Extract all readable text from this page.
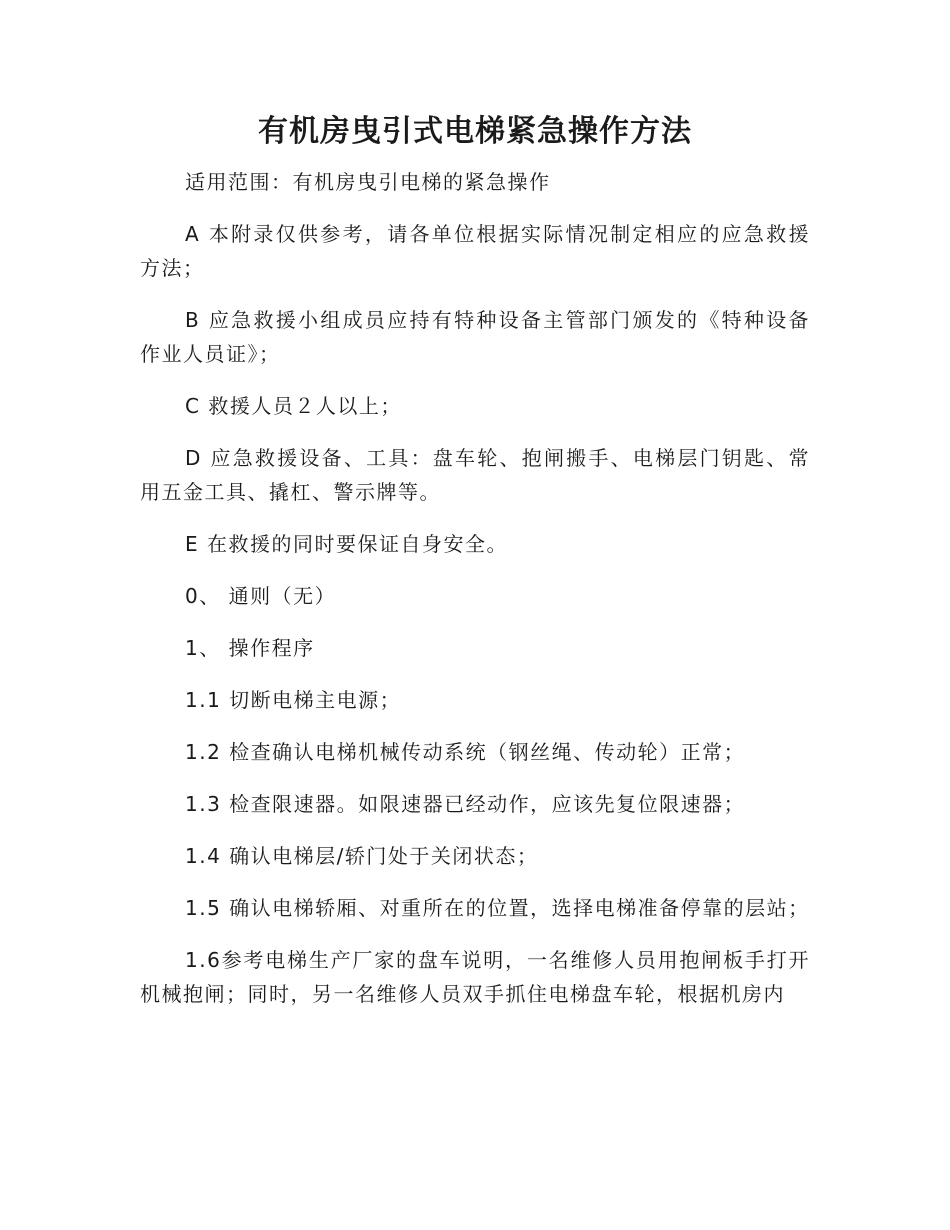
有机房曳引式电梯紧急操作方法

适用范围：有机房曳引电梯的紧急操作

A 本附录仅供参考，请各单位根据实际情况制定相应的应急救援方法；

B 应急救援小组成员应持有特种设备主管部门颁发的《特种设备作业人员证》；

C 救援人员２人以上；

D 应急救援设备、工具：盘车轮、抱闸搬手、电梯层门钥匙、常用五金工具、撬杠、警示牌等。

E 在救援的同时要保证自身安全。

0、 通则（无）

1、 操作程序

1.1 切断电梯主电源；

1.2 检查确认电梯机械传动系统（钢丝绳、传动轮）正常；

1.3 检查限速器。如限速器已经动作，应该先复位限速器；

1.4 确认电梯层/轿门处于关闭状态；

1.5 确认电梯轿厢、对重所在的位置，选择电梯准备停靠的层站；

1.6参考电梯生产厂家的盘车说明，一名维修人员用抱闸板手打开机械抱闸；同时，另一名维修人员双手抓住电梯盘车轮，根据机房内
